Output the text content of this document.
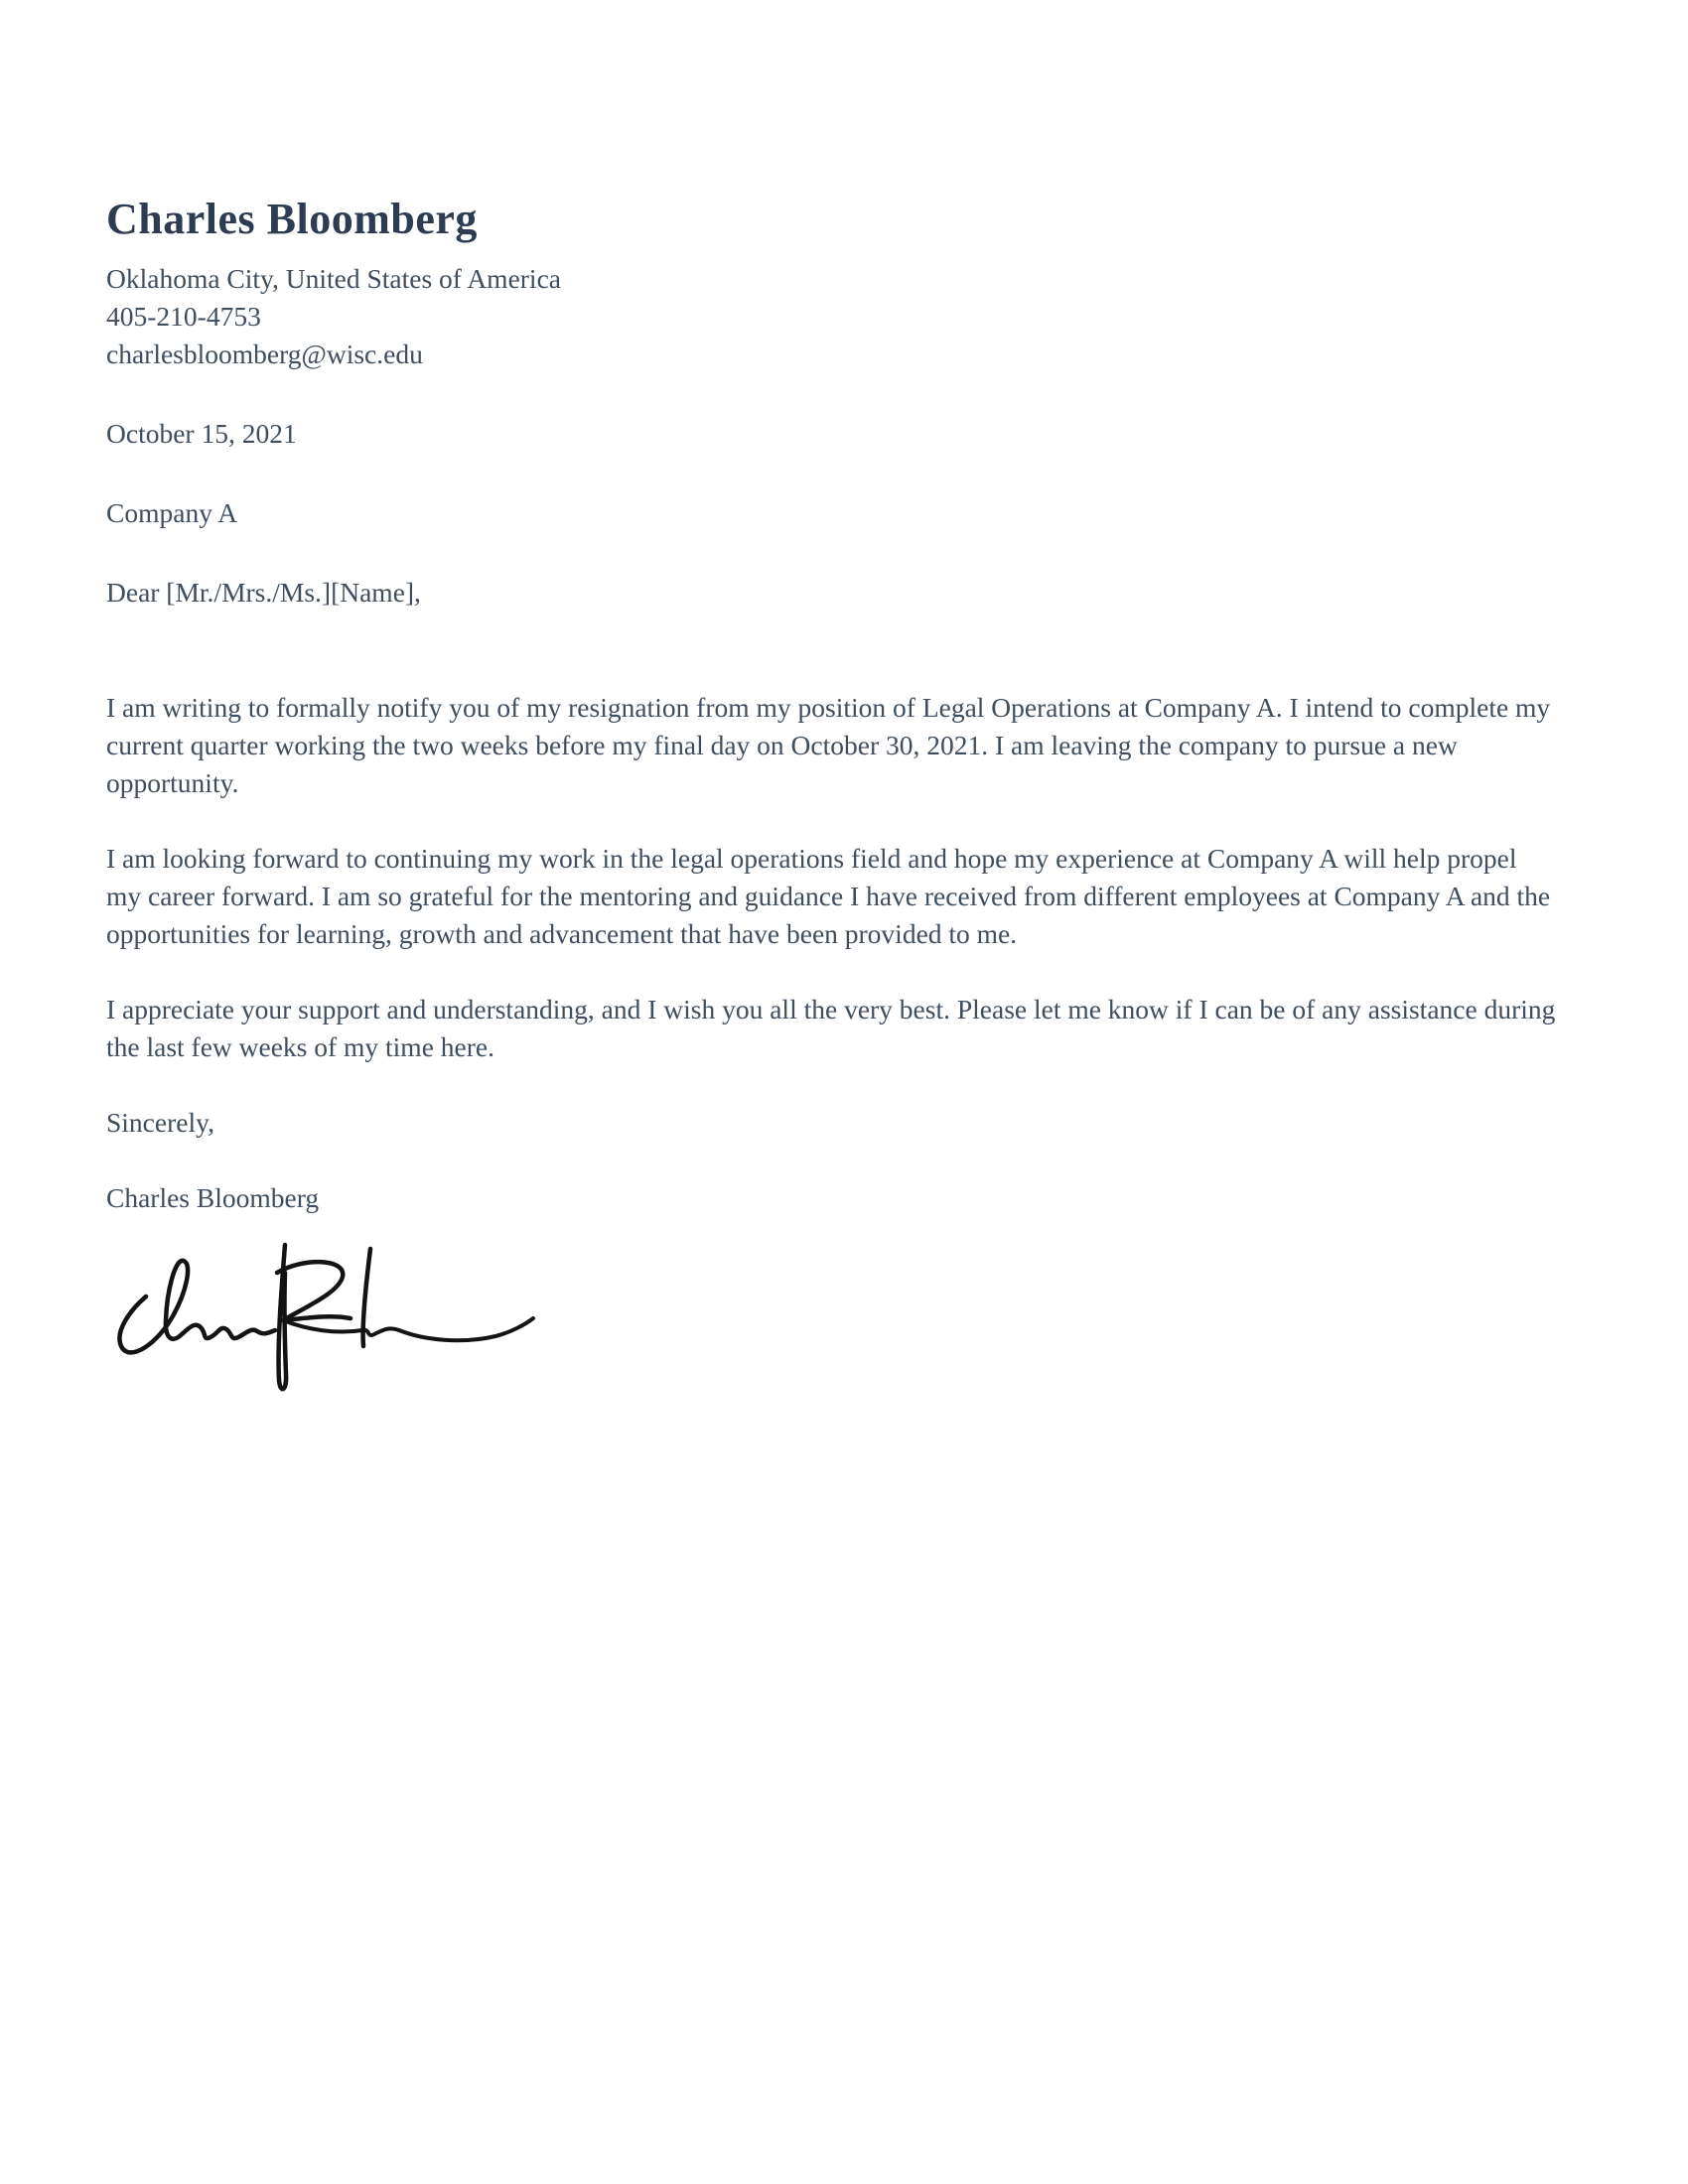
Charles Bloomberg

Oklahoma City, United States of America

405-210-4753

charlesbloomberg@wisc.edu

October 15, 2021

Company A

Dear [Mr./Mrs./Ms.][Name],

I am writing to formally notify you of my resignation from my position of Legal Operations at Company A. I intend to complete my current quarter working the two weeks before my final day on October 30, 2021. I am leaving the company to pursue a new opportunity.

I am looking forward to continuing my work in the legal operations field and hope my experience at Company A will help propel my career forward. I am so grateful for the mentoring and guidance I have received from different employees at Company A and the opportunities for learning, growth and advancement that have been provided to me.

I appreciate your support and understanding, and I wish you all the very best. Please let me know if I can be of any assistance during the last few weeks of my time here.

Sincerely,

Charles Bloomberg
